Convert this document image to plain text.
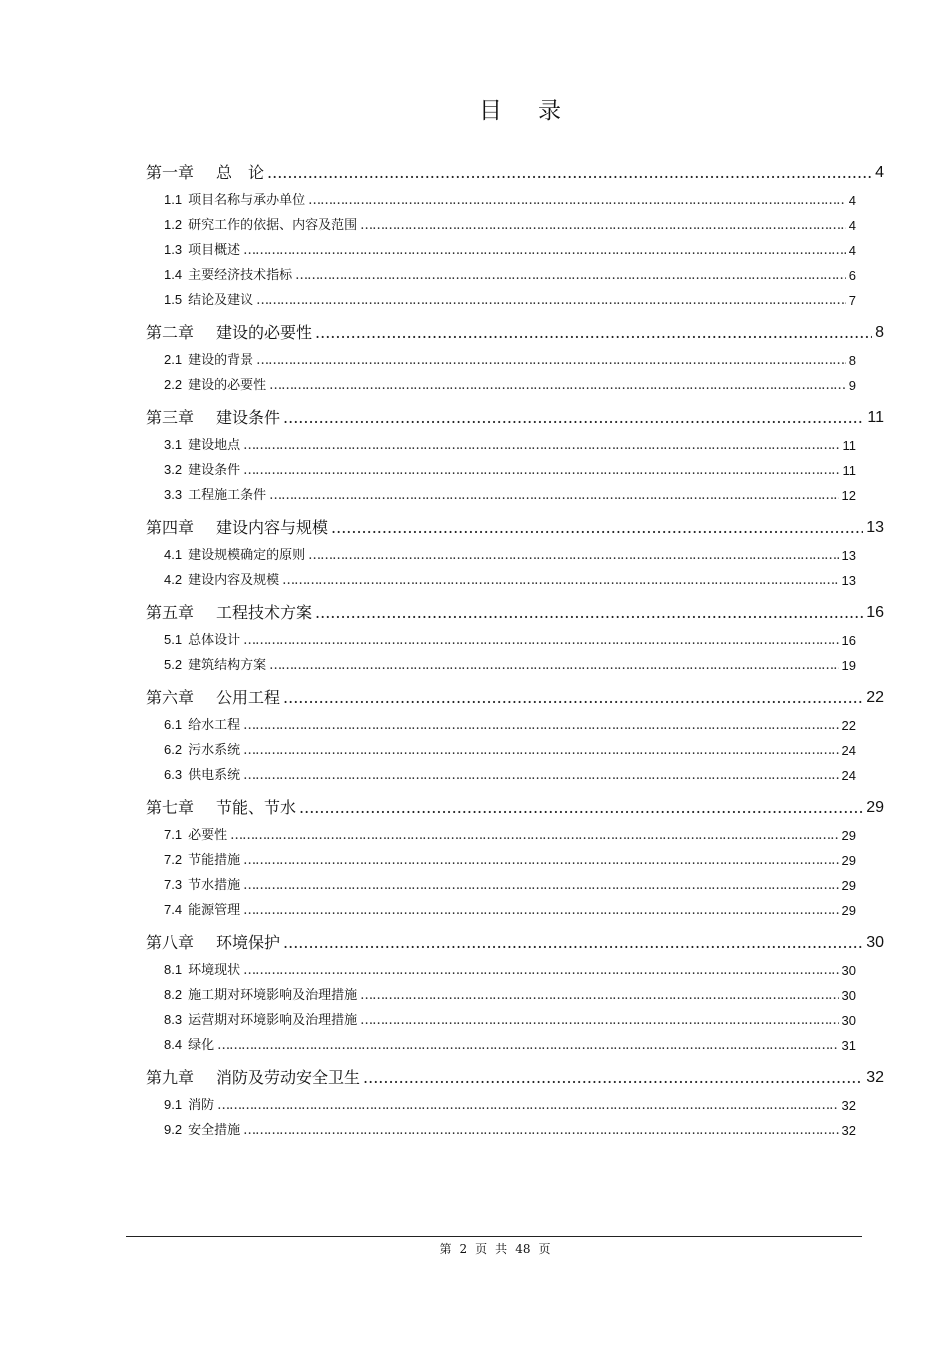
目 录
第一章 总　论 .....	4
1.1 项目名称与承办单位 ………………………………………………………………………………………………………………………………………………………………………………………	4
1.2 研究工作的依据、内容及范围 ………………………………………………………………………………………………………………………………………………………………………………………	4
1.3 项目概述 ………………………………………………………………………………………………………………………………………………………………………………………	4
1.4 主要经济技术指标 ………………………………………………………………………………………………………………………………………………………………………………………	6
1.5 结论及建议 ………………………………………………………………………………………………………………………………………………………………………………………	7
第二章 建设的必要性 .....	8
2.1 建设的背景 ………………………………………………………………………………………………………………………………………………………………………………………	8
2.2 建设的必要性 ………………………………………………………………………………………………………………………………………………………………………………………	9
第三章 建设条件 .....	11
3.1 建设地点 ………………………………………………………………………………………………………………………………………………………………………………………	11
3.2 建设条件 ………………………………………………………………………………………………………………………………………………………………………………………	11
3.3 工程施工条件 ………………………………………………………………………………………………………………………………………………………………………………………	12
第四章 建设内容与规模 .....	13
4.1 建设规模确定的原则 ………………………………………………………………………………………………………………………………………………………………………………………	13
4.2 建设内容及规模 ………………………………………………………………………………………………………………………………………………………………………………………	13
第五章 工程技术方案 .....	16
5.1 总体设计 ………………………………………………………………………………………………………………………………………………………………………………………	16
5.2 建筑结构方案 ………………………………………………………………………………………………………………………………………………………………………………………	19
第六章 公用工程 .....	22
6.1 给水工程 ………………………………………………………………………………………………………………………………………………………………………………………	22
6.2 污水系统 ………………………………………………………………………………………………………………………………………………………………………………………	24
6.3 供电系统 ………………………………………………………………………………………………………………………………………………………………………………………	24
第七章 节能、节水 .....	29
7.1 必要性 ………………………………………………………………………………………………………………………………………………………………………………………	29
7.2 节能措施 ………………………………………………………………………………………………………………………………………………………………………………………	29
7.3 节水措施 ………………………………………………………………………………………………………………………………………………………………………………………	29
7.4 能源管理 ………………………………………………………………………………………………………………………………………………………………………………………	29
第八章 环境保护 .....	30
8.1 环境现状 ………………………………………………………………………………………………………………………………………………………………………………………	30
8.2 施工期对环境影响及治理措施 ………………………………………………………………………………………………………………………………………………………………………………………	30
8.3 运营期对环境影响及治理措施 ………………………………………………………………………………………………………………………………………………………………………………………	30
8.4 绿化 ………………………………………………………………………………………………………………………………………………………………………………………	31
第九章 消防及劳动安全卫生 .....	32
9.1 消防 ………………………………………………………………………………………………………………………………………………………………………………………	32
9.2 安全措施 ………………………………………………………………………………………………………………………………………………………………………………………	32
第 2 页 共 48 页
